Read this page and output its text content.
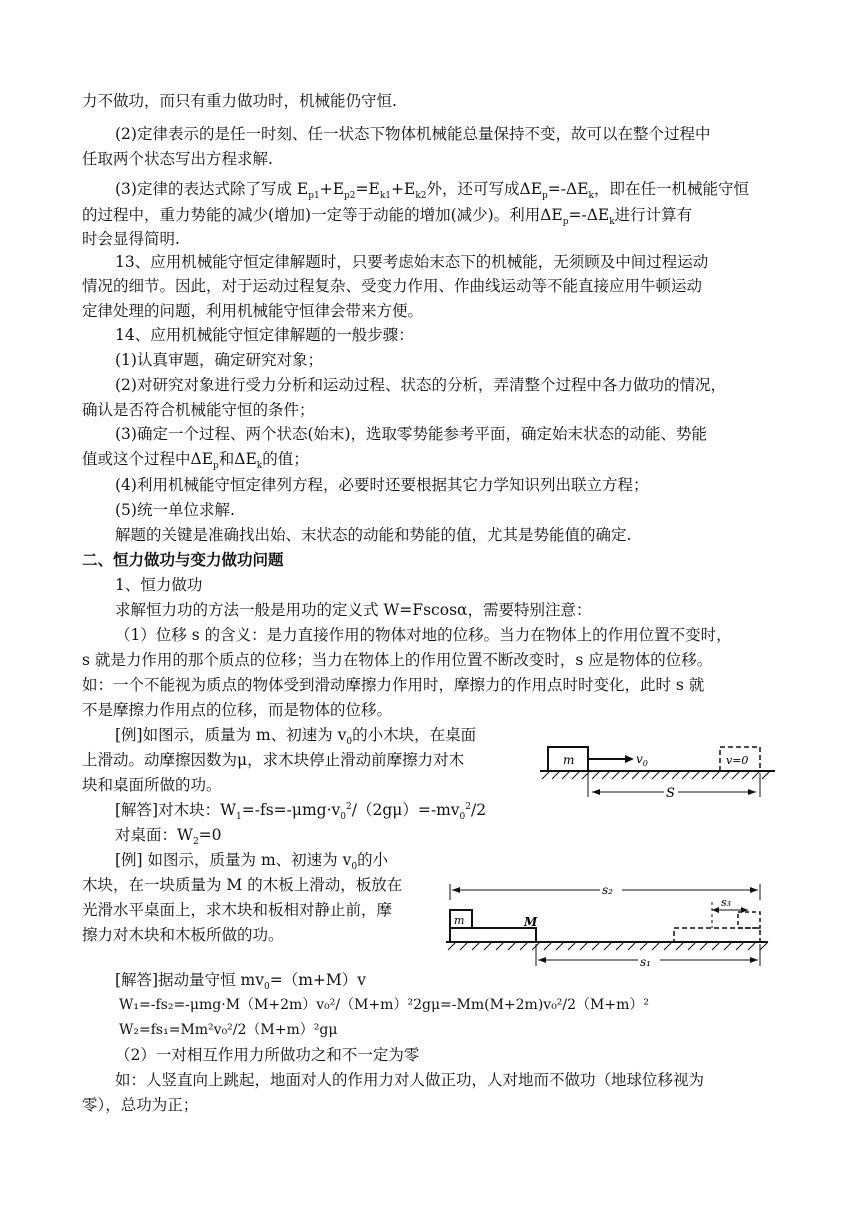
力不做功，而只有重力做功时，机械能仍守恒.
(2)定律表示的是任一时刻、任一状态下物体机械能总量保持不变，故可以在整个过程中
任取两个状态写出方程求解.
(3)定律的表达式除了写成 $E_{p1}+E_{p2}=E_{k1}+E_{k2}$外，还可写成$\Delta E_p=-\Delta E_k$，即在任一机械能守恒
的过程中，重力势能的减少(增加)一定等于动能的增加(减少)。利用$\Delta E_p=-\Delta E_k$进行计算有
时会显得简明.
13、应用机械能守恒定律解题时，只要考虑始末态下的机械能，无须顾及中间过程运动
情况的细节。因此，对于运动过程复杂、受变力作用、作曲线运动等不能直接应用牛顿运动
定律处理的问题，利用机械能守恒律会带来方便。
14、应用机械能守恒定律解题的一般步骤：
(1)认真审题，确定研究对象；
(2)对研究对象进行受力分析和运动过程、状态的分析，弄清整个过程中各力做功的情况，
确认是否符合机械能守恒的条件；
(3)确定一个过程、两个状态(始末)，选取零势能参考平面，确定始末状态的动能、势能
值或这个过程中$\Delta E_p$和$\Delta E_k$的值；
(4)利用机械能守恒定律列方程，必要时还要根据其它力学知识列出联立方程；
(5)统一单位求解.
解题的关键是准确找出始、末状态的动能和势能的值，尤其是势能值的确定.
二、恒力做功与变力做功问题
1、恒力做功
求解恒力功的方法一般是用功的定义式 W=Fscosα，需要特别注意：
（1）位移 s 的含义：是力直接作用的物体对地的位移。当力在物体上的作用位置不变时，
s 就是力作用的那个质点的位移；当力在物体上的作用位置不断改变时，s 应是物体的位移。
如：一个不能视为质点的物体受到滑动摩擦力作用时，摩擦力的作用点时时变化，此时 s 就
不是摩擦力作用点的位移，而是物体的位移。
[例]如图示，质量为 m、初速为 $v_0$的小木块，在桌面
上滑动。动摩擦因数为μ，求木块停止滑动前摩擦力对木
块和桌面所做的功。
[解答]对木块：$W_1=-fs=-\mu mg\cdot v_0^2/(2g\mu)=-mv_0^2/2$
对桌面：$W_2=0$
m	$v_0$	v=0
S
[例] 如图示，质量为 m、初速为 $v_0$的小
木块，在一块质量为 M 的木板上滑动，板放在
光滑水平桌面上，求木块和板相对静止前，摩
擦力对木块和木板所做的功。
s₂
s₃
m	M
s₁
[解答]据动量守恒 $mv_0=(m+M)v$
W₁=-fs₂=-μmg·M（M+2m）v₀²/（M+m）²2gμ=-Mm(M+2m)v₀²/2（M+m）²
W₂=fs₁=Mm²v₀²/2（M+m）²gμ
（2）一对相互作用力所做功之和不一定为零
如：人竖直向上跳起，地面对人的作用力对人做正功，人对地而不做功（地球位移视为
零），总功为正；
